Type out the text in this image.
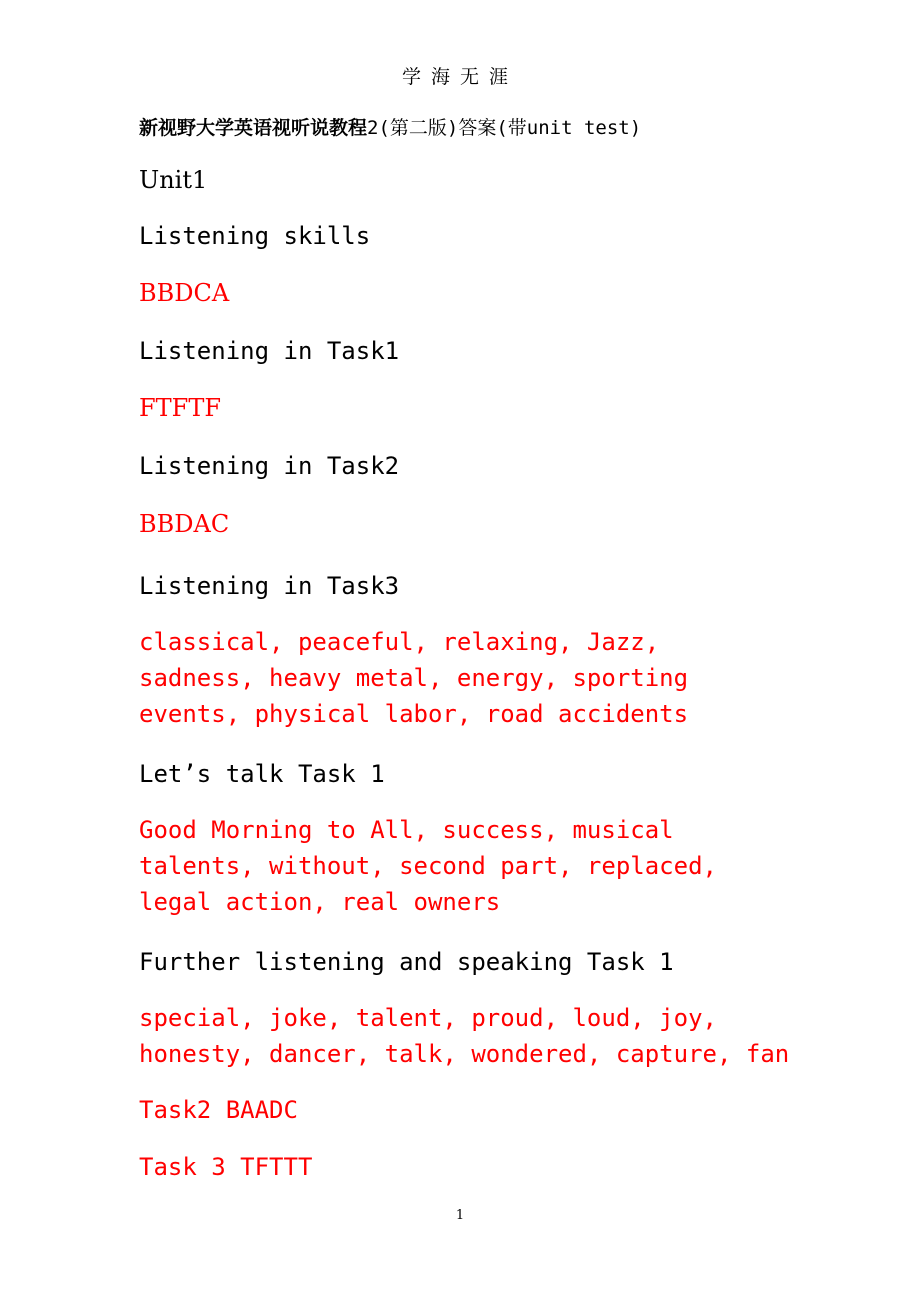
学海无涯
新视野大学英语视听说教程2(第二版)答案(带unit test)
Unit1
Listening skills
BBDCA
Listening in Task1
FTFTF
Listening in Task2
BBDAC
Listening in Task3
classical, peaceful, relaxing, Jazz,
sadness, heavy metal, energy, sporting
events, physical labor, road accidents
Let’s talk Task 1
Good Morning to All, success, musical
talents, without, second part, replaced,
legal action, real owners
Further listening and speaking Task 1
special, joke, talent, proud, loud, joy,
honesty, dancer, talk, wondered, capture, fan
Task2 BAADC
Task 3 TFTTT
1
